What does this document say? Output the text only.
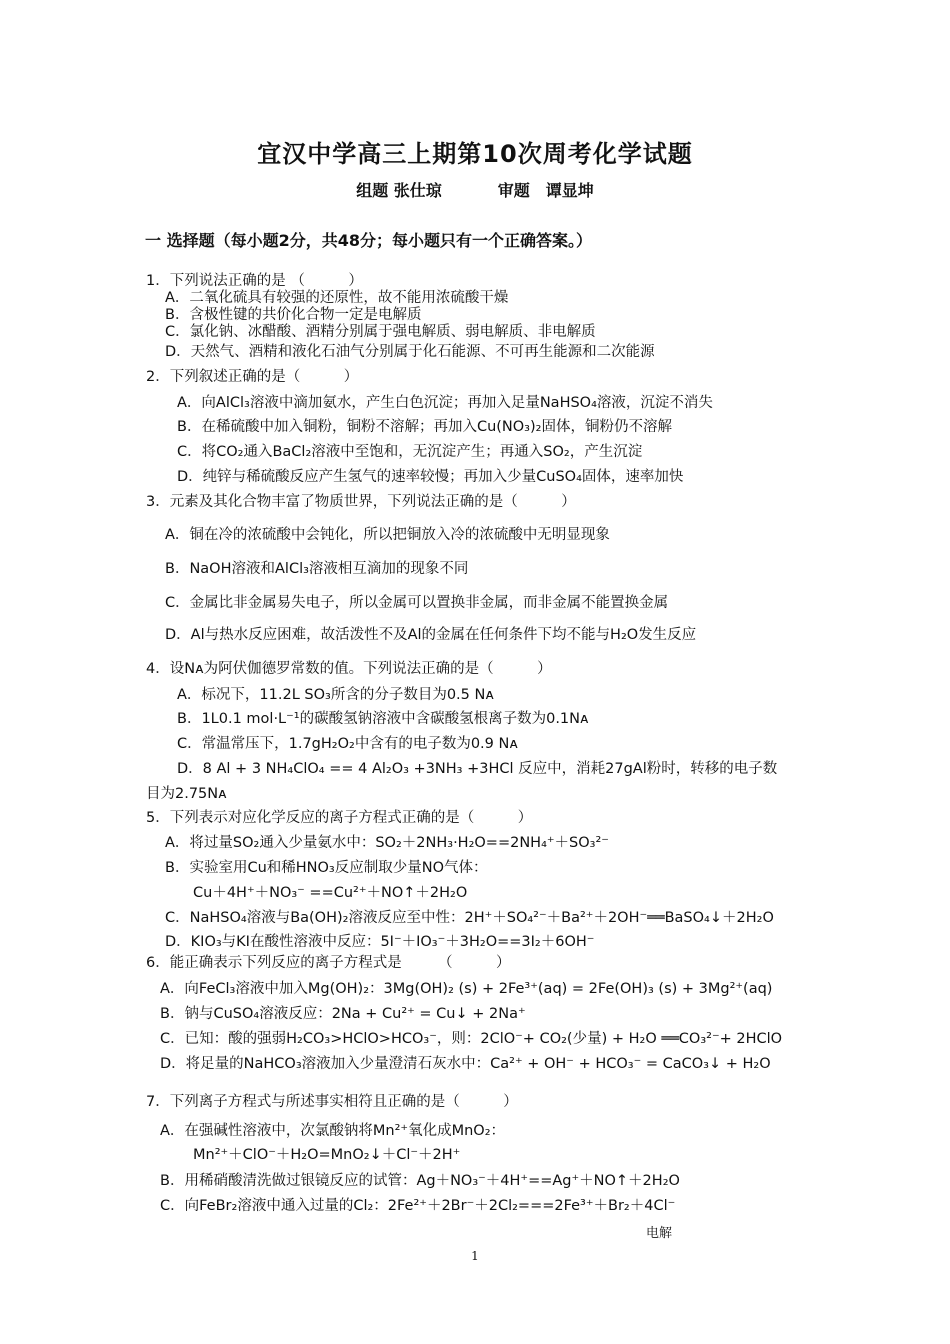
宜汉中学高三上期第10次周考化学试题
组题 张仕琼	审题　谭显坤
一 选择题（每小题2分，共48分；每小题只有一个正确答案。）
1．下列说法正确的是 （　　　）
A．二氧化硫具有较强的还原性，故不能用浓硫酸干燥
B．含极性键的共价化合物一定是电解质
C．氯化钠、冰醋酸、酒精分别属于强电解质、弱电解质、非电解质
D．天然气、酒精和液化石油气分别属于化石能源、不可再生能源和二次能源
2．下列叙述正确的是（　　　）
A．向AlCl₃溶液中滴加氨水，产生白色沉淀；再加入足量NaHSO₄溶液，沉淀不消失
B．在稀硫酸中加入铜粉，铜粉不溶解；再加入Cu(NO₃)₂固体，铜粉仍不溶解
C．将CO₂通入BaCl₂溶液中至饱和，无沉淀产生；再通入SO₂，产生沉淀
D．纯锌与稀硫酸反应产生氢气的速率较慢；再加入少量CuSO₄固体，速率加快
3．元素及其化合物丰富了物质世界，下列说法正确的是（　　　）
A．铜在冷的浓硫酸中会钝化，所以把铜放入冷的浓硫酸中无明显现象
B．NaOH溶液和AlCl₃溶液相互滴加的现象不同
C．金属比非金属易失电子，所以金属可以置换非金属，而非金属不能置换金属
D．Al与热水反应困难，故活泼性不及Al的金属在任何条件下均不能与H₂O发生反应
4．设Nᴀ为阿伏伽德罗常数的值。下列说法正确的是（　　　）
A．标况下，11.2L SO₃所含的分子数目为0.5 Nᴀ
B．1L0.1 mol·L⁻¹的碳酸氢钠溶液中含碳酸氢根离子数为0.1Nᴀ
C．常温常压下，1.7gH₂O₂中含有的电子数为0.9 Nᴀ
D．8 Al + 3 NH₄ClO₄ == 4 Al₂O₃ +3NH₃ +3HCl 反应中，消耗27gAl粉时，转移的电子数
目为2.75Nᴀ
5．下列表示对应化学反应的离子方程式正确的是（　　　）
A．将过量SO₂通入少量氨水中：SO₂＋2NH₃·H₂O==2NH₄⁺＋SO₃²⁻
B．实验室用Cu和稀HNO₃反应制取少量NO气体：
Cu＋4H⁺＋NO₃⁻ ==Cu²⁺＋NO↑＋2H₂O
C．NaHSO₄溶液与Ba(OH)₂溶液反应至中性：2H⁺＋SO₄²⁻＋Ba²⁺＋2OH⁻══BaSO₄↓＋2H₂O
D．KIO₃与KI在酸性溶液中反应：5I⁻＋IO₃⁻＋3H₂O==3I₂＋6OH⁻
6．能正确表示下列反应的离子方程式是　　　（　　　）
A．向FeCl₃溶液中加入Mg(OH)₂：3Mg(OH)₂ (s) + 2Fe³⁺(aq) = 2Fe(OH)₃ (s) + 3Mg²⁺(aq)
B．钠与CuSO₄溶液反应：2Na + Cu²⁺ = Cu↓ + 2Na⁺
C．已知：酸的强弱H₂CO₃>HClO>HCO₃⁻，则：2ClO⁻+ CO₂(少量) + H₂O ══CO₃²⁻+ 2HClO
D．将足量的NaHCO₃溶液加入少量澄清石灰水中：Ca²⁺ + OH⁻ + HCO₃⁻ = CaCO₃↓ + H₂O
7．下列离子方程式与所述事实相符且正确的是（　　　）
A．在强碱性溶液中，次氯酸钠将Mn²⁺氧化成MnO₂：
Mn²⁺＋ClO⁻＋H₂O=MnO₂↓＋Cl⁻＋2H⁺
B．用稀硝酸清洗做过银镜反应的试管：Ag＋NO₃⁻＋4H⁺==Ag⁺＋NO↑＋2H₂O
C．向FeBr₂溶液中通入过量的Cl₂：2Fe²⁺＋2Br⁻＋2Cl₂===2Fe³⁺＋Br₂＋4Cl⁻
电解
1
